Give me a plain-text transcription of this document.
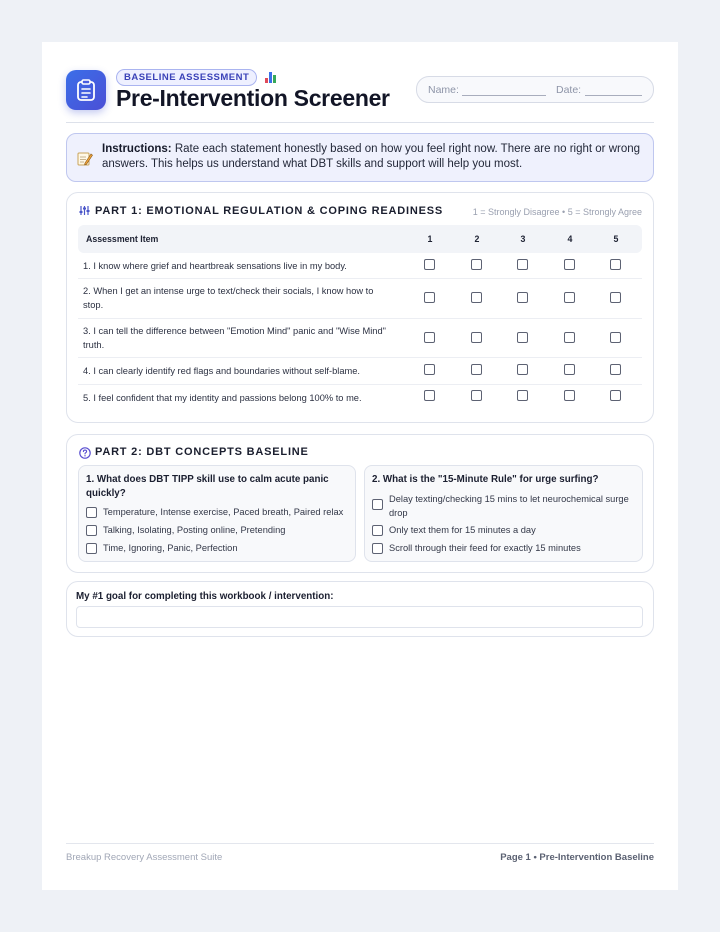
BASELINE ASSESSMENT
Pre-Intervention Screener	Name:	Date:

Instructions: Rate each statement honestly based on how you feel right now. There are no right or wrong answers. This helps us understand what DBT skills and support will help you most.

PART 1: EMOTIONAL REGULATION & COPING READINESS	1 = Strongly Disagree • 5 = Strongly Agree
Assessment Item	1	2	3	4	5
1. I know where grief and heartbreak sensations live in my body.
2. When I get an intense urge to text/check their socials, I know how to stop.
3. I can tell the difference between "Emotion Mind" panic and "Wise Mind" truth.
4. I can clearly identify red flags and boundaries without self-blame.
5. I feel confident that my identity and passions belong 100% to me.
PART 2: DBT CONCEPTS BASELINE
1. What does DBT TIPP skill use to calm acute panic quickly?
Temperature, Intense exercise, Paced breath, Paired relax
Talking, Isolating, Posting online, Pretending
Time, Ignoring, Panic, Perfection
2. What is the "15-Minute Rule" for urge surfing?
Delay texting/checking 15 mins to let neurochemical surge drop
Only text them for 15 minutes a day
Scroll through their feed for exactly 15 minutes
My #1 goal for completing this workbook / intervention:
Breakup Recovery Assessment Suite	Page 1 • Pre-Intervention Baseline
